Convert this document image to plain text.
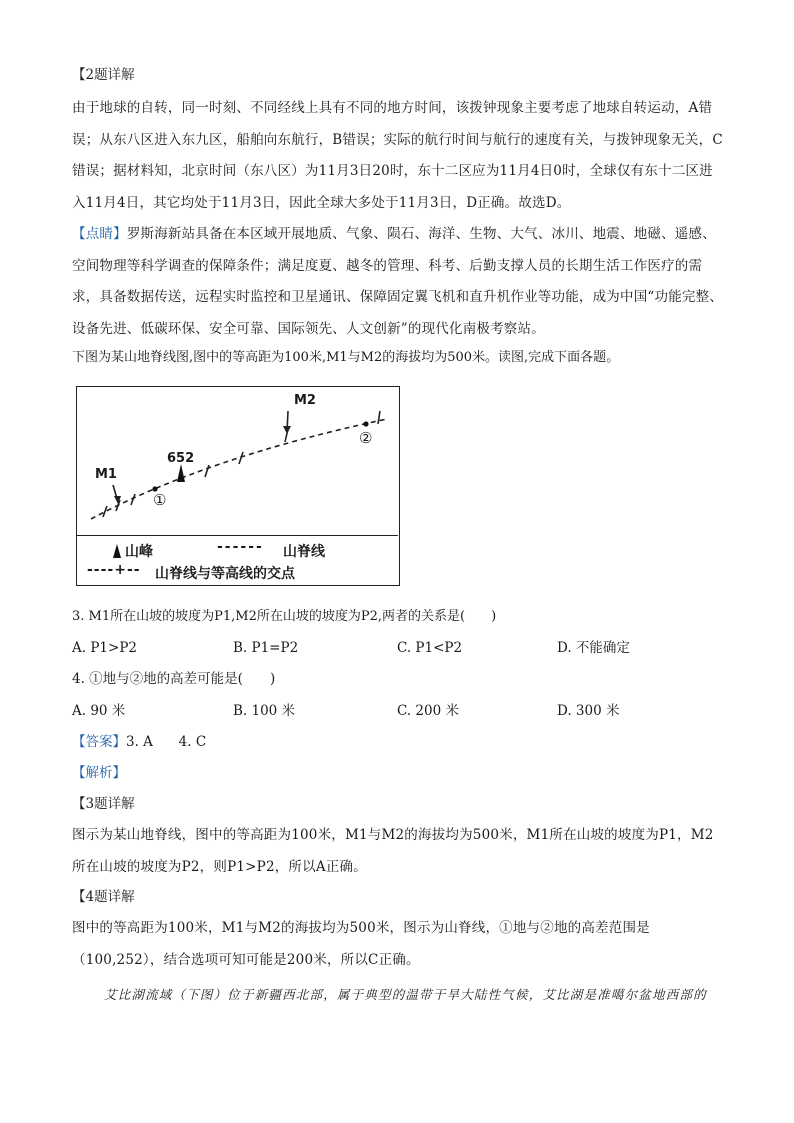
【2题详解
由于地球的自转，同一时刻、不同经线上具有不同的地方时间，该拨钟现象主要考虑了地球自转运动，A错误；从东八区进入东九区，船舶向东航行，B错误；实际的航行时间与航行的速度有关，与拨钟现象无关，C错误；据材料知，北京时间（东八区）为11月3日20时，东十二区应为11月4日0时，全球仅有东十二区进入11月4日，其它均处于11月3日，因此全球大多处于11月3日，D正确。故选D。
【点睛】罗斯海新站具备在本区域开展地质、气象、陨石、海洋、生物、大气、冰川、地震、地磁、遥感、空间物理等科学调查的保障条件；满足度夏、越冬的管理、科考、后勤支撑人员的长期生活工作医疗的需求，具备数据传送，远程实时监控和卫星通讯、保障固定翼飞机和直升机作业等功能，成为中国“功能完整、设备先进、低碳环保、安全可靠、国际领先、人文创新”的现代化南极考察站。
下图为某山地脊线图,图中的等高距为100米,M1与M2的海拔均为500米。读图,完成下面各题。
M1
M2
652
①
②
山峰	------ 山脊线
----+-- 山脊线与等高线的交点
3. M1所在山坡的坡度为P1,M2所在山坡的坡度为P2,两者的关系是(　　)
A. P1>P2	B. P1=P2	C. P1<P2	D. 不能确定
4. ①地与②地的高差可能是(　　)
A. 90 米	B. 100 米	C. 200 米	D. 300 米
【答案】3. A      4. C
【解析】
【3题详解
图示为某山地脊线，图中的等高距为100米，M1与M2的海拔均为500米，M1所在山坡的坡度为P1，M2所在山坡的坡度为P2，则P1>P2，所以A正确。
【4题详解
图中的等高距为100米，M1与M2的海拔均为500米，图示为山脊线，①地与②地的高差范围是（100,252），结合选项可知可能是200米，所以C正确。
艾比湖流域（下图）位于新疆西北部，属于典型的温带干旱大陆性气候，艾比湖是准噶尔盆地西部的
